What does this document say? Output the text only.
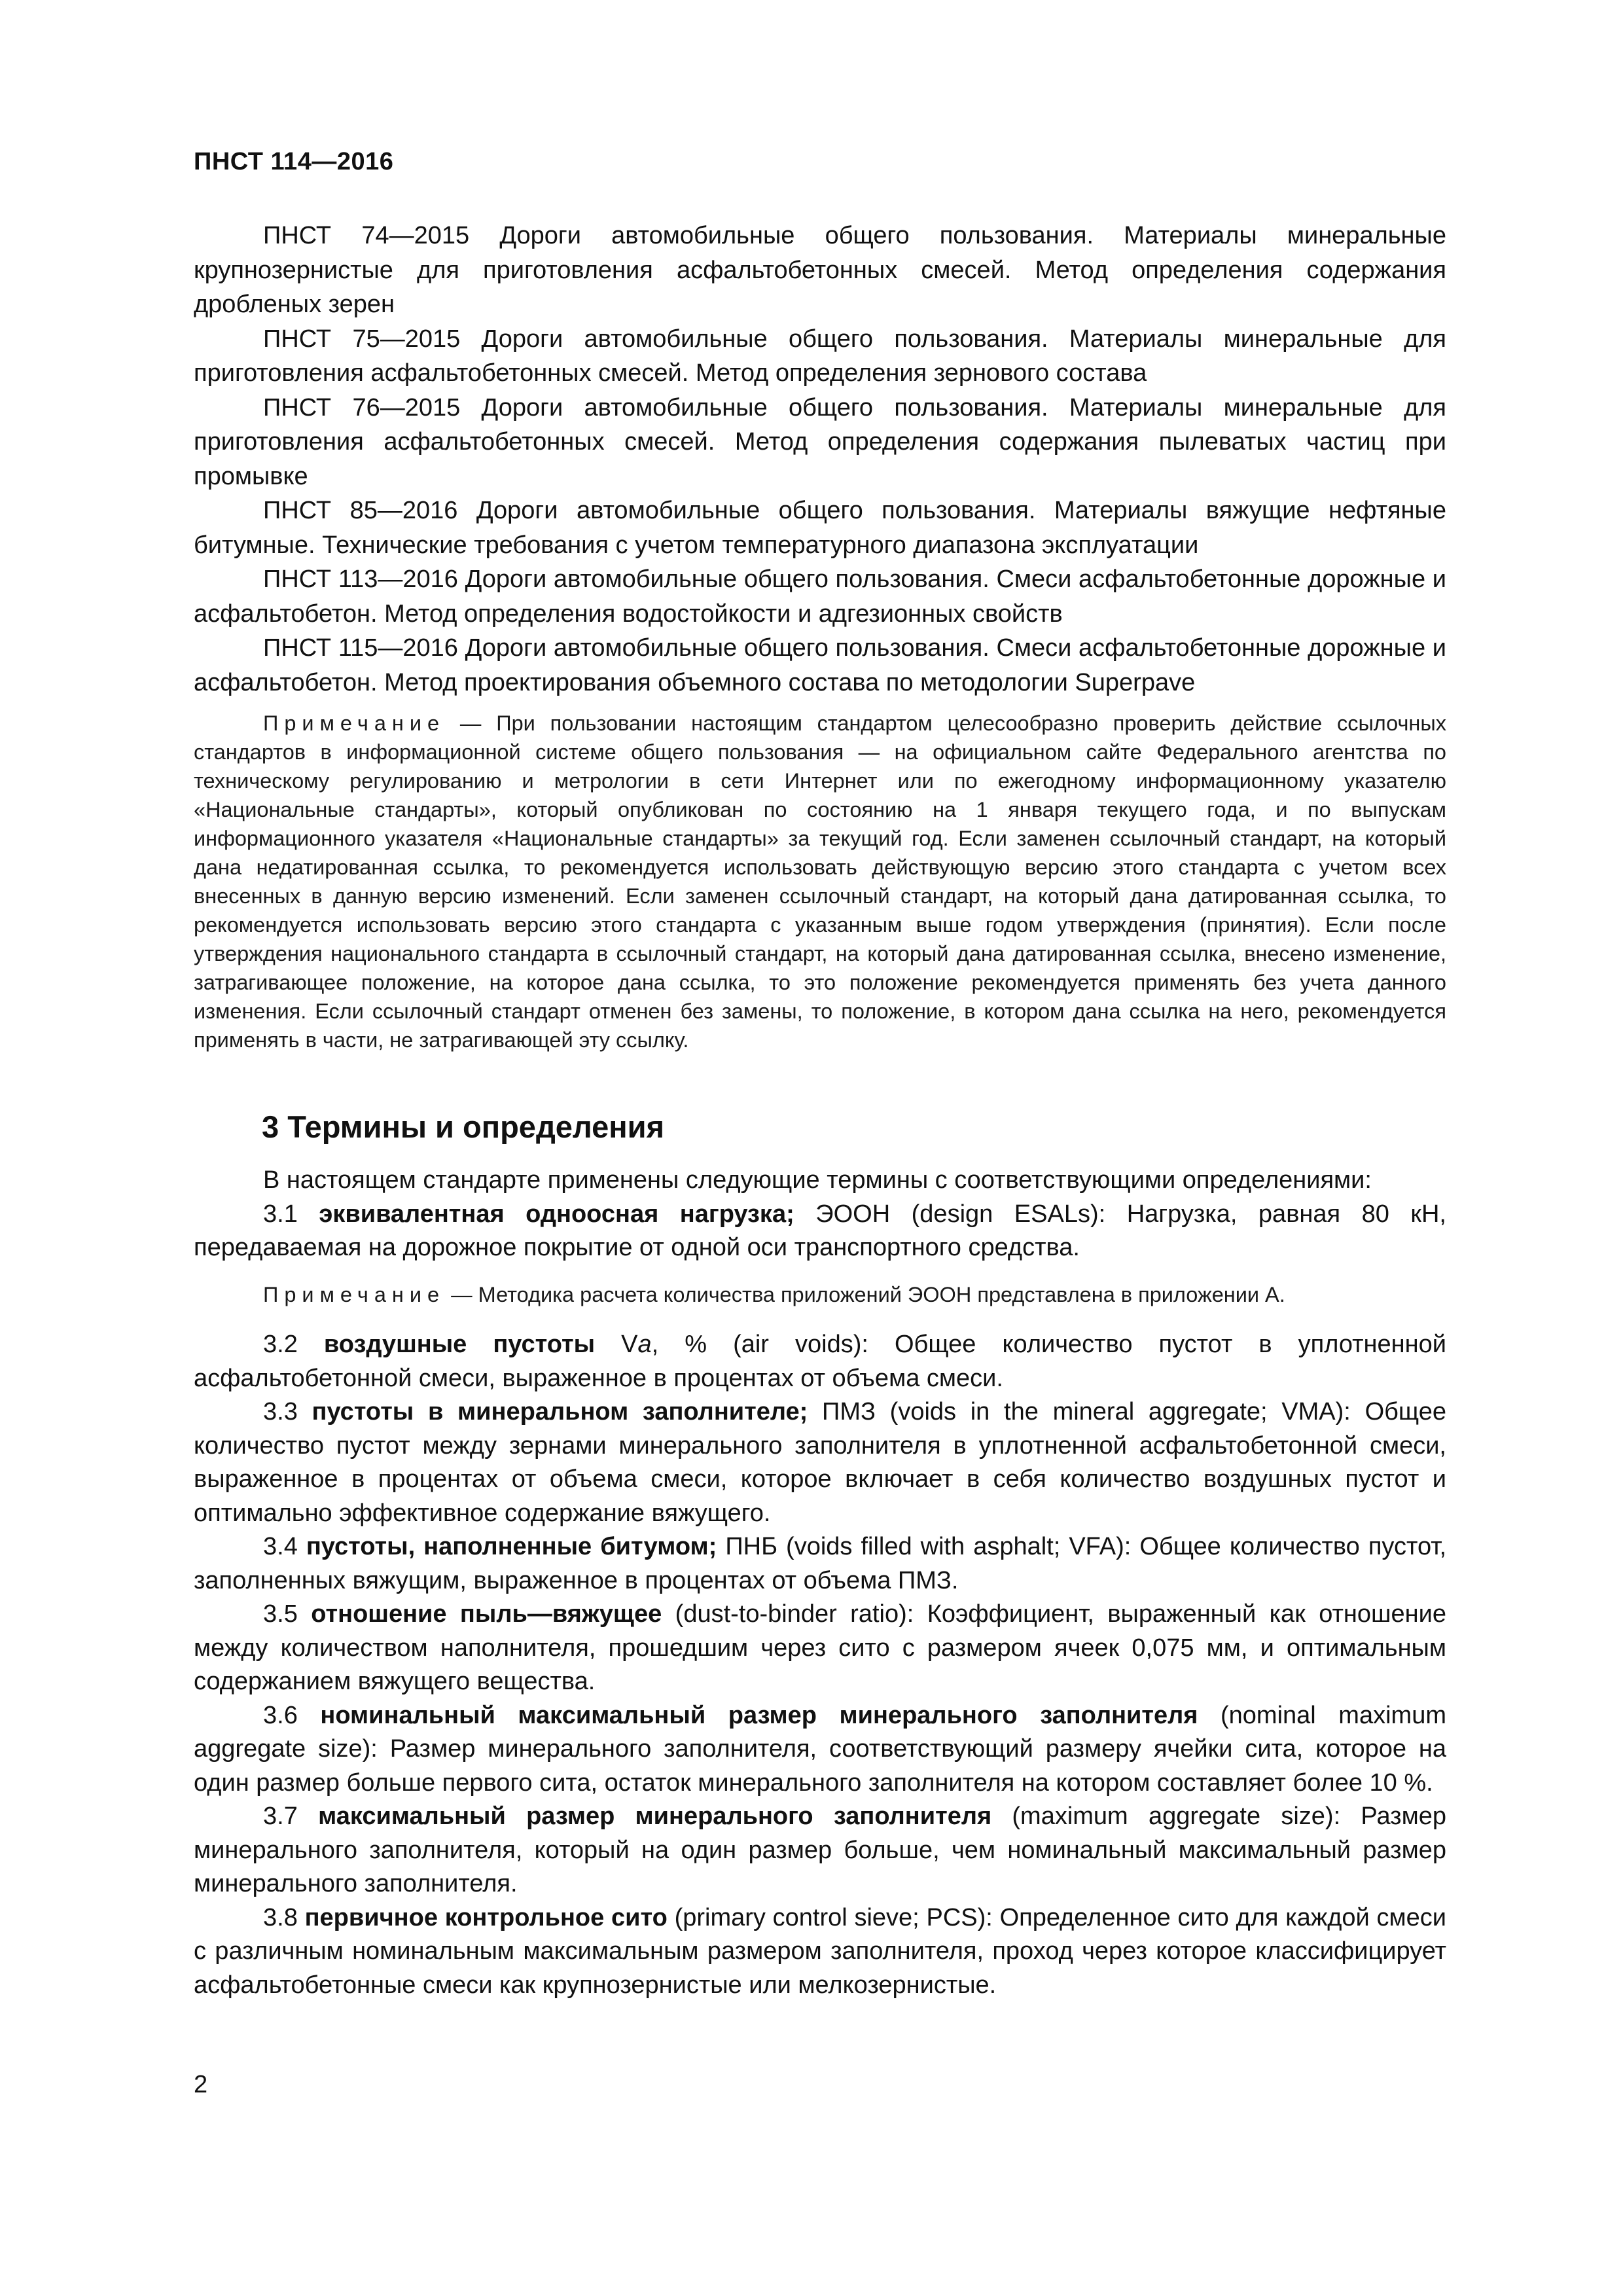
ПНСТ 114—2016

ПНСТ 74—2015 Дороги автомобильные общего пользования. Материалы минеральные крупнозернистые для приготовления асфальтобетонных смесей. Метод определения содержания дробленых зерен

ПНСТ 75—2015 Дороги автомобильные общего пользования. Материалы минеральные для приготовления асфальтобетонных смесей. Метод определения зернового состава

ПНСТ 76—2015 Дороги автомобильные общего пользования. Материалы минеральные для приготовления асфальтобетонных смесей. Метод определения содержания пылеватых частиц при промывке

ПНСТ 85—2016 Дороги автомобильные общего пользования. Материалы вяжущие нефтяные битумные. Технические требования с учетом температурного диапазона эксплуатации

ПНСТ 113—2016 Дороги автомобильные общего пользования. Смеси асфальтобетонные дорожные и асфальтобетон. Метод определения водостойкости и адгезионных свойств

ПНСТ 115—2016 Дороги автомобильные общего пользования. Смеси асфальтобетонные дорожные и асфальтобетон. Метод проектирования объемного состава по методологии Superpave

Примечание — При пользовании настоящим стандартом целесообразно проверить действие ссылочных стандартов в информационной системе общего пользования — на официальном сайте Федерального агентства по техническому регулированию и метрологии в сети Интернет или по ежегодному информационному указателю «Национальные стандарты», который опубликован по состоянию на 1 января текущего года, и по выпускам информационного указателя «Национальные стандарты» за текущий год. Если заменен ссылочный стандарт, на который дана недатированная ссылка, то рекомендуется использовать действующую версию этого стандарта с учетом всех внесенных в данную версию изменений. Если заменен ссылочный стандарт, на который дана датированная ссылка, то рекомендуется использовать версию этого стандарта с указанным выше годом утверждения (принятия). Если после утверждения национального стандарта в ссылочный стандарт, на который дана датированная ссылка, внесено изменение, затрагивающее положение, на которое дана ссылка, то это положение рекомендуется применять без учета данного изменения. Если ссылочный стандарт отменен без замены, то положение, в котором дана ссылка на него, рекомендуется применять в части, не затрагивающей эту ссылку.

3 Термины и определения

В настоящем стандарте применены следующие термины с соответствующими определениями:

3.1 эквивалентная одноосная нагрузка; ЭООН (design ESALs): Нагрузка, равная 80 кН, передаваемая на дорожное покрытие от одной оси транспортного средства.

Примечание — Методика расчета количества приложений ЭООН представлена в приложении А.

3.2 воздушные пустоты Va, % (air voids): Общее количество пустот в уплотненной асфальтобетонной смеси, выраженное в процентах от объема смеси.

3.3 пустоты в минеральном заполнителе; ПМЗ (voids in the mineral aggregate; VMA): Общее количество пустот между зернами минерального заполнителя в уплотненной асфальтобетонной смеси, выраженное в процентах от объема смеси, которое включает в себя количество воздушных пустот и оптимально эффективное содержание вяжущего.

3.4 пустоты, наполненные битумом; ПНБ (voids filled with asphalt; VFA): Общее количество пустот, заполненных вяжущим, выраженное в процентах от объема ПМЗ.

3.5 отношение пыль—вяжущее (dust-to-binder ratio): Коэффициент, выраженный как отношение между количеством наполнителя, прошедшим через сито с размером ячеек 0,075 мм, и оптимальным содержанием вяжущего вещества.

3.6 номинальный максимальный размер минерального заполнителя (nominal maximum aggregate size): Размер минерального заполнителя, соответствующий размеру ячейки сита, которое на один размер больше первого сита, остаток минерального заполнителя на котором составляет более 10 %.

3.7 максимальный размер минерального заполнителя (maximum aggregate size): Размер минерального заполнителя, который на один размер больше, чем номинальный максимальный размер минерального заполнителя.

3.8 первичное контрольное сито (primary control sieve; PCS): Определенное сито для каждой смеси с различным номинальным максимальным размером заполнителя, проход через которое классифицирует асфальтобетонные смеси как крупнозернистые или мелкозернистые.

2
